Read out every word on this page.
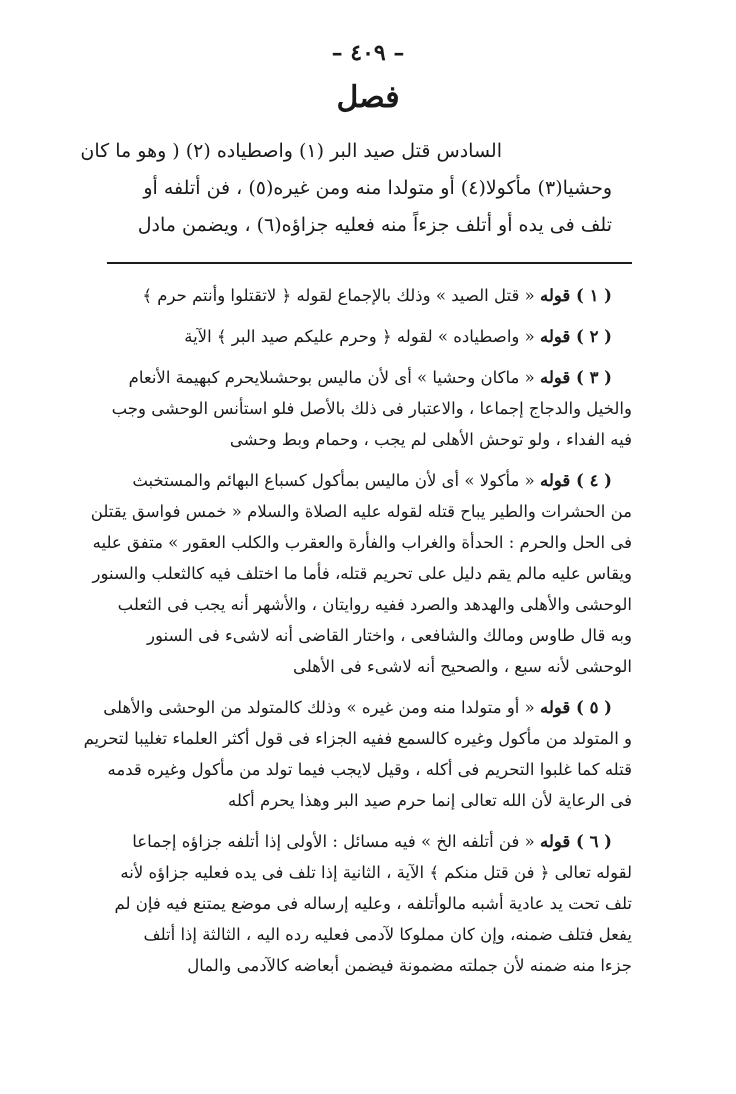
– ٤٠٩ –
فصل
السادس قتل صيد البر (١) واصطياده (٢) ( وهو ما كان
وحشيا(٣) مأكولا(٤) أو متولدا منه ومن غيره(٥) ، فن أتلفه أو
تلف فى يده أو أتلف جزءاً منه فعليه جزاؤه(٦) ، ويضمن مادل
( ١ ) قوله « قتل الصيد » وذلك بالإجماع لقوله ﴿ لاتقتلوا وأنتم حرم ﴾
( ٢ ) قوله « واصطياده » لقوله ﴿ وحرم عليكم صيد البر ﴾ الآية
( ٣ ) قوله « ماكان وحشيا » أى لأن ماليس بوحشىلايحرم كبهيمة الأنعام
والخيل والدجاج إجماعا ، والاعتبار فى ذلك بالأصل فلو استأنس الوحشى وجب
فيه الفداء ، ولو توحش الأهلى لم يجب ، وحمام وبط وحشى
( ٤ ) قوله « مأكولا » أى لأن ماليس بمأكول كسباع البهائم والمستخبث
من الحشرات والطير يباح قتله لقوله عليه الصلاة والسلام « خمس فواسق يقتلن
فى الحل والحرم : الحدأة والغراب والفأرة والعقرب والكلب العقور » متفق عليه
ويقاس عليه مالم يقم دليل على تحريم قتله، فأما ما اختلف فيه كالثعلب والسنور
الوحشى والأهلى والهدهد والصرد ففيه روايتان ، والأشهر أنه يجب فى الثعلب
وبه قال طاوس ومالك والشافعى ، واختار القاضى أنه لاشىء فى السنور
الوحشى لأنه سبع ، والصحيح أنه لاشىء فى الأهلى
( ٥ ) قوله « أو متولدا منه ومن غيره » وذلك كالمتولد من الوحشى والأهلى
و المتولد من مأكول وغيره كالسمع ففيه الجزاء فى قول أكثر العلماء تغليبا لتحريم
قتله كما غلبوا التحريم فى أكله ، وقيل لايجب فيما تولد من مأكول وغيره قدمه
فى الرعاية لأن الله تعالى إنما حرم صيد البر وهذا يحرم أكله
( ٦ ) قوله « فن أتلفه الخ » فيه مسائل : الأولى إذا أتلفه جزاؤه إجماعا
لقوله تعالى ﴿ فن قتل منكم ﴾ الآية ، الثانية إذا تلف فى يده فعليه جزاؤه لأنه
تلف تحت يد عادية أشبه مالوأتلفه ، وعليه إرساله فى موضع يمتنع فيه فإن لم
يفعل فتلف ضمنه، وإن كان مملوكا لآدمى فعليه رده اليه ، الثالثة إذا أتلف
جزءا منه ضمنه لأن جملته مضمونة فيضمن أبعاضه كالآدمى والمال
